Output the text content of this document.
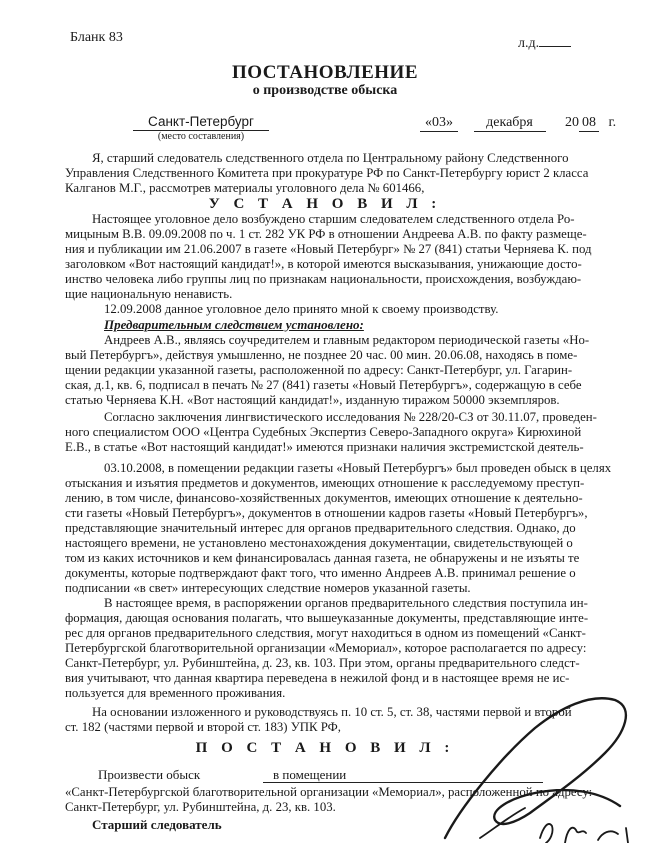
Бланк 83	л.д.
ПОСТАНОВЛЕНИЕ
о производстве обыска
Санкт-Петербург
(место составления)
«03» декабря 20 08 г.

Я, старший следователь следственного отдела по Центральному району Следственного

Управления Следственного Комитета при прокуратуре РФ по Санкт-Петербургу юрист 2 класса

Калганов М.Г., рассмотрев материалы уголовного дела № 601466,

У С Т А Н О В И Л :

Настоящее уголовное дело возбуждено старшим следователем следственного отдела Ро-

мицыным В.В. 09.09.2008 по ч. 1 ст. 282 УК РФ в отношении Андреева А.В. по факту размеще-

ния и публикации им 21.06.2007 в газете «Новый Петербург» № 27 (841) статьи Черняева К. под

заголовком «Вот настоящий кандидат!», в которой имеются высказывания, унижающие досто-

инство человека либо группы лиц по признакам национальности, происхождения, возбуждаю-

щие национальную ненависть.

12.09.2008 данное уголовное дело принято мной к своему производству.

Предварительным следствием установлено:

Андреев А.В., являясь соучредителем и главным редактором периодической газеты «Но-

вый Петербургъ», действуя умышленно, не позднее 20 час. 00 мин. 20.06.08, находясь в поме-

щении редакции указанной газеты, расположенной по адресу: Санкт-Петербург, ул. Гагарин-

ская, д.1, кв. 6, подписал в печать № 27 (841) газеты «Новый Петербургъ», содержащую в себе

статью Черняева К.Н. «Вот настоящий кандидат!», изданную тиражом 50000 экземпляров.

Согласно заключения лингвистического исследования № 228/20-СЗ от 30.11.07, проведен-

ного специалистом ООО «Центра Судебных Экспертиз Северо-Западного округа» Кирюхиной

Е.В., в статье «Вот настоящий кандидат!» имеются признаки наличия экстремистской деятель-

03.10.2008, в помещении редакции газеты «Новый Петербургъ» был проведен обыск в целях

отыскания и изъятия предметов и документов, имеющих отношение к расследуемому преступ-

лению, в том числе, финансово-хозяйственных документов, имеющих отношение к деятельно-

сти газеты «Новый Петербургъ», документов в отношении кадров газеты «Новый Петербургъ»,

представляющие значительный интерес для органов предварительного следствия. Однако, до

настоящего времени, не установлено местонахождения документации, свидетельствующей о

том из каких источников и кем финансировалась данная газета, не обнаружены и не изъяты те

документы, которые подтверждают факт того, что именно Андреев А.В. принимал решение о

подписании «в свет» интересующих следствие номеров указанной газеты.

В настоящее время, в распоряжении органов предварительного следствия поступила ин-

формация, дающая основания полагать, что вышеуказанные документы, представляющие инте-

рес для органов предварительного следствия, могут находиться в одном из помещений «Санкт-

Петербургской благотворительной организации «Мемориал», которое располагается по адресу:

Санкт-Петербург, ул. Рубинштейна, д. 23, кв. 103. При этом, органы предварительного следст-

вия учитывают, что данная квартира переведена в нежилой фонд и в настоящее время не ис-

пользуется для временного проживания.

На основании изложенного и руководствуясь п. 10 ст. 5, ст. 38, частями первой и второй

ст. 182 (частями первой и второй ст. 183) УПК РФ,

П О С Т А Н О В И Л :
Произвести обыск	в помещении

«Санкт-Петербургской благотворительной организации «Мемориал», расположенной по адресу:

Санкт-Петербург, ул. Рубинштейна, д. 23, кв. 103.

Старший следователь
